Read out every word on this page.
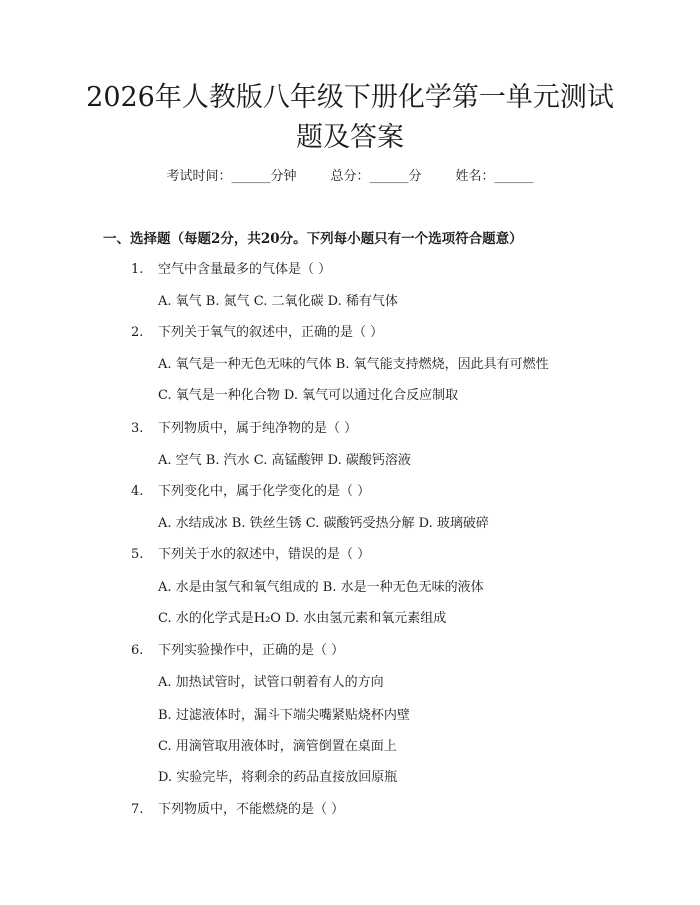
2026年人教版八年级下册化学第一单元测试
题及答案
考试时间：______分钟	总分：______分	姓名：______
一、选择题（每题2分，共20分。下列每小题只有一个选项符合题意）
1. 空气中含量最多的气体是（ ）
A. 氧气 B. 氮气 C. 二氧化碳 D. 稀有气体
2. 下列关于氧气的叙述中，正确的是（ ）
A. 氧气是一种无色无味的气体 B. 氧气能支持燃烧，因此具有可燃性
C. 氧气是一种化合物 D. 氧气可以通过化合反应制取
3. 下列物质中，属于纯净物的是（ ）
A. 空气 B. 汽水 C. 高锰酸钾 D. 碳酸钙溶液
4. 下列变化中，属于化学变化的是（ ）
A. 水结成冰 B. 铁丝生锈 C. 碳酸钙受热分解 D. 玻璃破碎
5. 下列关于水的叙述中，错误的是（ ）
A. 水是由氢气和氧气组成的 B. 水是一种无色无味的液体
C. 水的化学式是H₂O D. 水由氢元素和氧元素组成
6. 下列实验操作中，正确的是（ ）
A. 加热试管时，试管口朝着有人的方向
B. 过滤液体时，漏斗下端尖嘴紧贴烧杯内壁
C. 用滴管取用液体时，滴管倒置在桌面上
D. 实验完毕，将剩余的药品直接放回原瓶
7. 下列物质中，不能燃烧的是（ ）
